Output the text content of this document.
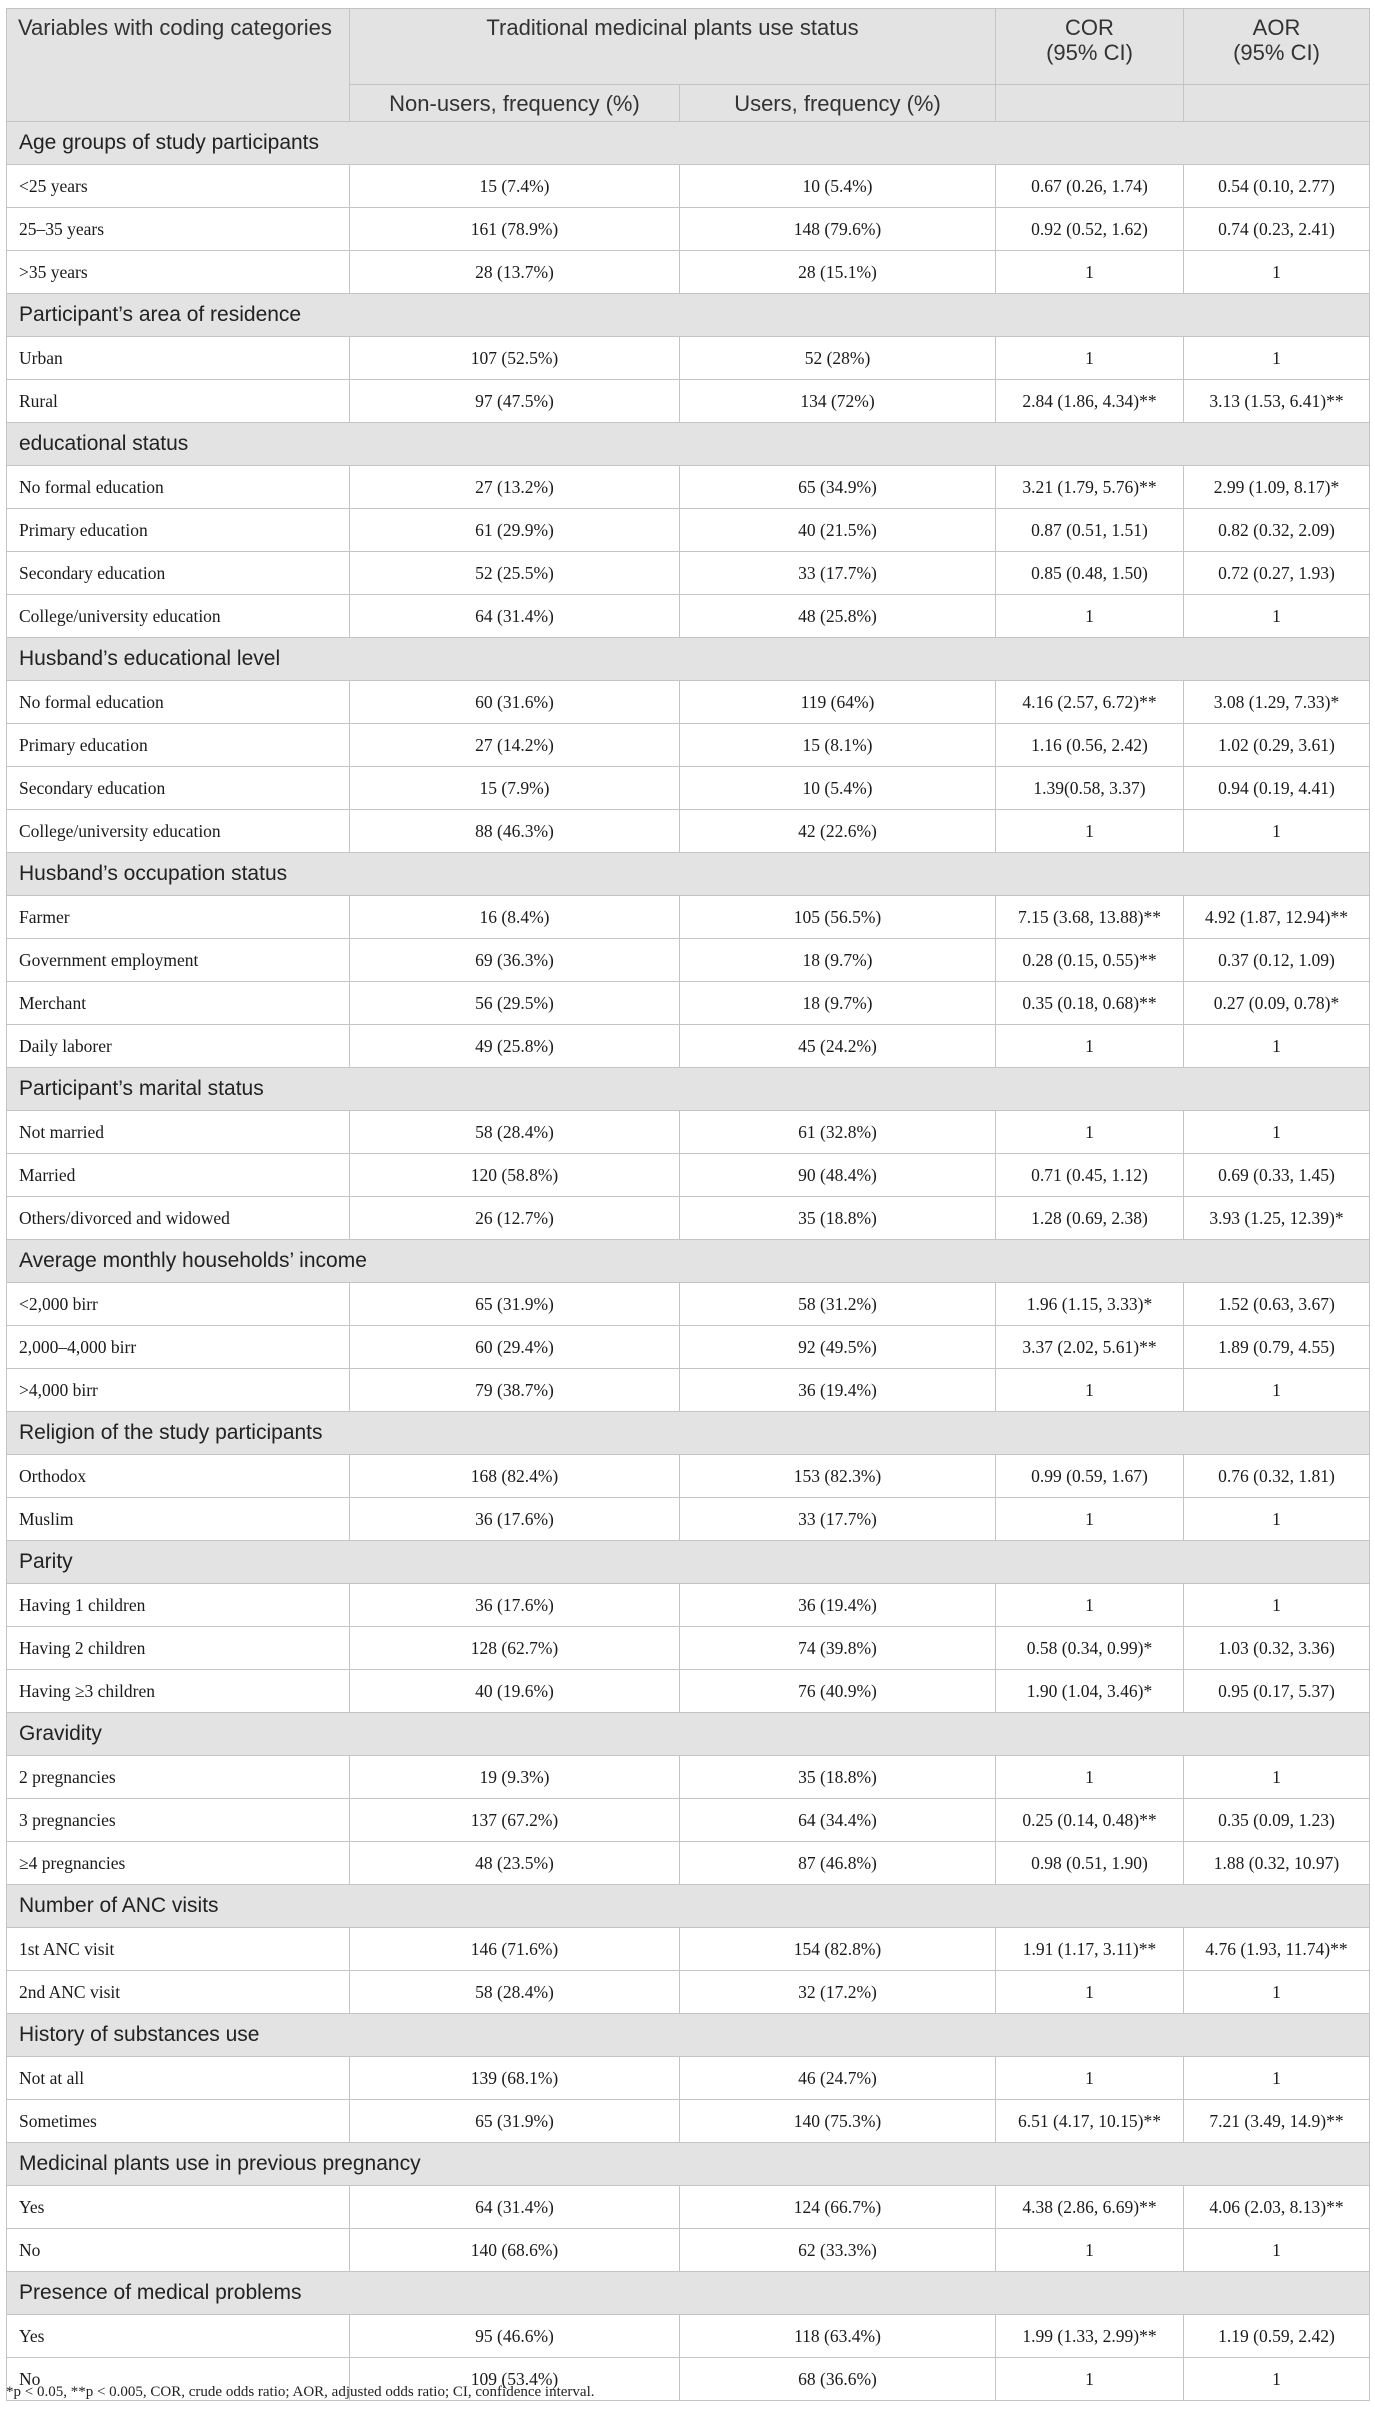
Variables with coding categories	Traditional medicinal plants use status		COR
(95% CI)	AOR
(95% CI)
	Non-users, frequency (%)	Users, frequency (%)		
Age groups of study participants				
<25 years	15 (7.4%)	10 (5.4%)	0.67 (0.26, 1.74)	0.54 (0.10, 2.77)
25–35 years	161 (78.9%)	148 (79.6%)	0.92 (0.52, 1.62)	0.74 (0.23, 2.41)
>35 years	28 (13.7%)	28 (15.1%)	1	1
Participant’s area of residence				
Urban	107 (52.5%)	52 (28%)	1	1
Rural	97 (47.5%)	134 (72%)	2.84 (1.86, 4.34)**	3.13 (1.53, 6.41)**
educational status				
No formal education	27 (13.2%)	65 (34.9%)	3.21 (1.79, 5.76)**	2.99 (1.09, 8.17)*
Primary education	61 (29.9%)	40 (21.5%)	0.87 (0.51, 1.51)	0.82 (0.32, 2.09)
Secondary education	52 (25.5%)	33 (17.7%)	0.85 (0.48, 1.50)	0.72 (0.27, 1.93)
College/university education	64 (31.4%)	48 (25.8%)	1	1
Husband’s educational level				
No formal education	60 (31.6%)	119 (64%)	4.16 (2.57, 6.72)**	3.08 (1.29, 7.33)*
Primary education	27 (14.2%)	15 (8.1%)	1.16 (0.56, 2.42)	1.02 (0.29, 3.61)
Secondary education	15 (7.9%)	10 (5.4%)	1.39(0.58, 3.37)	0.94 (0.19, 4.41)
College/university education	88 (46.3%)	42 (22.6%)	1	1
Husband’s occupation status				
Farmer	16 (8.4%)	105 (56.5%)	7.15 (3.68, 13.88)**	4.92 (1.87, 12.94)**
Government employment	69 (36.3%)	18 (9.7%)	0.28 (0.15, 0.55)**	0.37 (0.12, 1.09)
Merchant	56 (29.5%)	18 (9.7%)	0.35 (0.18, 0.68)**	0.27 (0.09, 0.78)*
Daily laborer	49 (25.8%)	45 (24.2%)	1	1
Participant’s marital status				
Not married	58 (28.4%)	61 (32.8%)	1	1
Married	120 (58.8%)	90 (48.4%)	0.71 (0.45, 1.12)	0.69 (0.33, 1.45)
Others/divorced and widowed	26 (12.7%)	35 (18.8%)	1.28 (0.69, 2.38)	3.93 (1.25, 12.39)*
Average monthly households’ income				
<2,000 birr	65 (31.9%)	58 (31.2%)	1.96 (1.15, 3.33)*	1.52 (0.63, 3.67)
2,000–4,000 birr	60 (29.4%)	92 (49.5%)	3.37 (2.02, 5.61)**	1.89 (0.79, 4.55)
>4,000 birr	79 (38.7%)	36 (19.4%)	1	1
Religion of the study participants				
Orthodox	168 (82.4%)	153 (82.3%)	0.99 (0.59, 1.67)	0.76 (0.32, 1.81)
Muslim	36 (17.6%)	33 (17.7%)	1	1
Parity				
Having 1 children	36 (17.6%)	36 (19.4%)	1	1
Having 2 children	128 (62.7%)	74 (39.8%)	0.58 (0.34, 0.99)*	1.03 (0.32, 3.36)
Having ≥3 children	40 (19.6%)	76 (40.9%)	1.90 (1.04, 3.46)*	0.95 (0.17, 5.37)
Gravidity				
2 pregnancies	19 (9.3%)	35 (18.8%)	1	1
3 pregnancies	137 (67.2%)	64 (34.4%)	0.25 (0.14, 0.48)**	0.35 (0.09, 1.23)
≥4 pregnancies	48 (23.5%)	87 (46.8%)	0.98 (0.51, 1.90)	1.88 (0.32, 10.97)
Number of ANC visits				
1st ANC visit	146 (71.6%)	154 (82.8%)	1.91 (1.17, 3.11)**	4.76 (1.93, 11.74)**
2nd ANC visit	58 (28.4%)	32 (17.2%)	1	1
History of substances use				
Not at all	139 (68.1%)	46 (24.7%)	1	1
Sometimes	65 (31.9%)	140 (75.3%)	6.51 (4.17, 10.15)**	7.21 (3.49, 14.9)**
Medicinal plants use in previous pregnancy				
Yes	64 (31.4%)	124 (66.7%)	4.38 (2.86, 6.69)**	4.06 (2.03, 8.13)**
No	140 (68.6%)	62 (33.3%)	1	1
Presence of medical problems				
Yes	95 (46.6%)	118 (63.4%)	1.99 (1.33, 2.99)**	1.19 (0.59, 2.42)
No	109 (53.4%)	68 (36.6%)	1	1
*p < 0.05, **p < 0.005, COR, crude odds ratio; AOR, adjusted odds ratio; CI, confidence interval.
